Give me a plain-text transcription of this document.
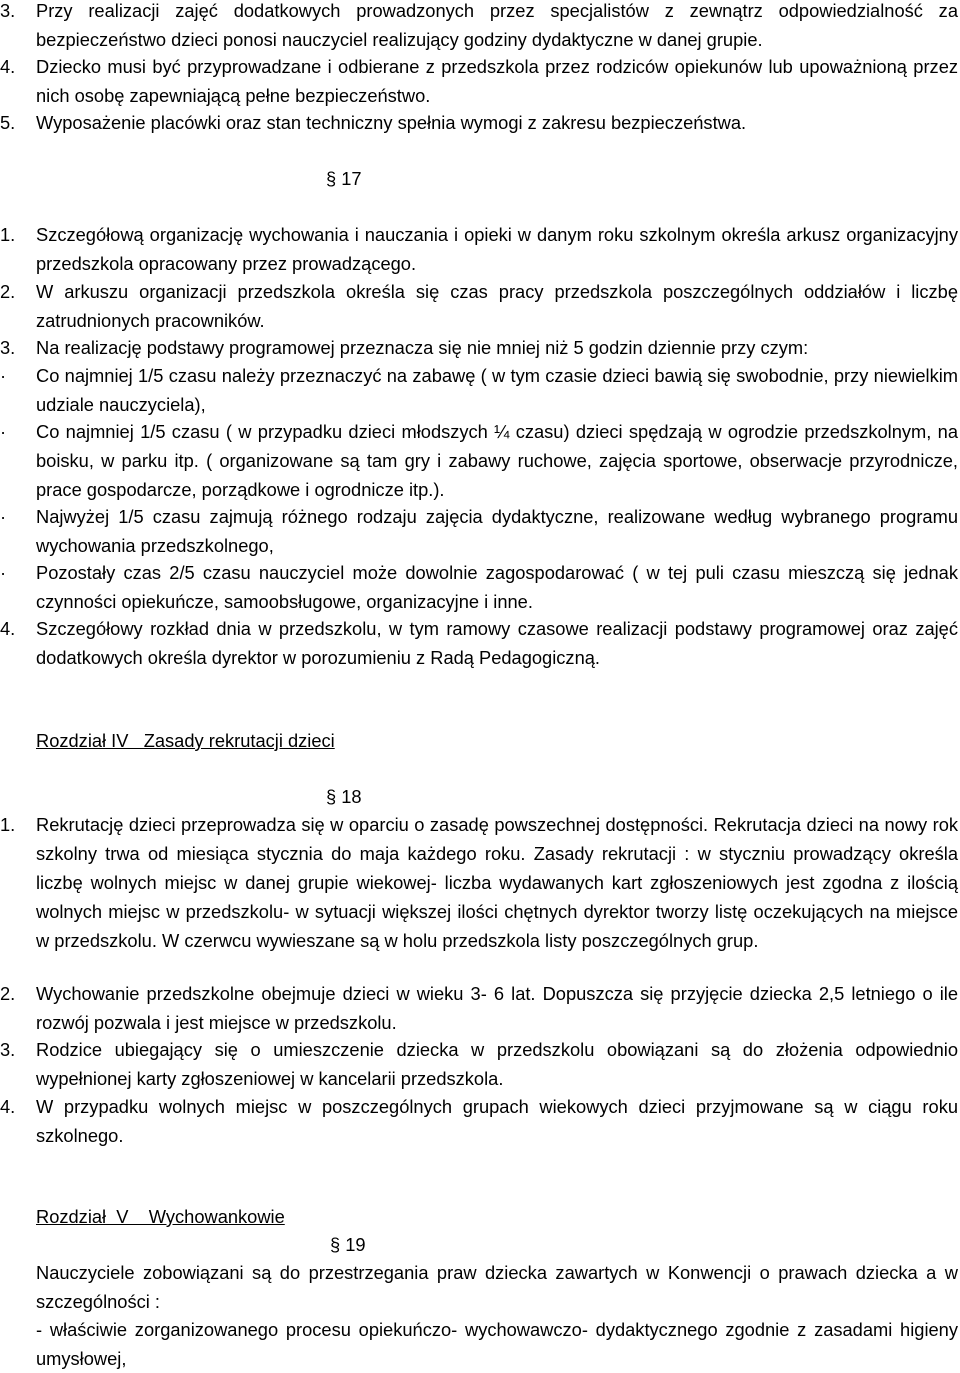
3.	Przy realizacji zajęć dodatkowych prowadzonych przez specjalistów z zewnątrz odpowiedzialność za bezpieczeństwo dzieci ponosi nauczyciel realizujący godziny dydaktyczne w danej grupie.
4.	Dziecko musi być przyprowadzane i odbierane z przedszkola przez rodziców opiekunów lub upoważnioną przez nich osobę zapewniającą pełne bezpieczeństwo.
5.	Wyposażenie placówki oraz stan techniczny spełnia wymogi z zakresu bezpieczeństwa.
§ 17
1.	Szczegółową organizację wychowania i nauczania i opieki w danym roku szkolnym określa arkusz organizacyjny przedszkola opracowany przez prowadzącego.
2.	W arkuszu organizacji przedszkola określa się czas pracy przedszkola poszczególnych oddziałów i liczbę zatrudnionych pracowników.
3.	Na realizację podstawy programowej przeznacza się nie mniej niż 5 godzin dziennie przy czym:
·	Co najmniej 1/5 czasu należy przeznaczyć na zabawę ( w tym czasie dzieci bawią się swobodnie, przy niewielkim udziale nauczyciela),
·	Co najmniej 1/5 czasu ( w przypadku dzieci młodszych ¼ czasu) dzieci spędzają w ogrodzie przedszkolnym, na boisku, w parku itp. ( organizowane są tam gry i zabawy ruchowe, zajęcia sportowe, obserwacje przyrodnicze, prace gospodarcze, porządkowe i ogrodnicze itp.).
·	Najwyżej 1/5 czasu zajmują różnego rodzaju zajęcia dydaktyczne, realizowane według wybranego programu wychowania przedszkolnego,
·	Pozostały czas 2/5 czasu nauczyciel może dowolnie zagospodarować ( w tej puli czasu mieszczą się jednak czynności opiekuńcze, samoobsługowe, organizacyjne i inne.
4.	Szczegółowy rozkład dnia w przedszkolu, w tym ramowy czasowe realizacji podstawy programowej oraz zajęć dodatkowych określa dyrektor w porozumieniu z Radą Pedagogiczną.
Rozdział IV   Zasady rekrutacji dzieci
§ 18
1.	Rekrutację dzieci przeprowadza się w oparciu o zasadę powszechnej dostępności. Rekrutacja dzieci na nowy rok szkolny trwa od miesiąca stycznia do maja każdego roku. Zasady rekrutacji : w styczniu prowadzący określa liczbę wolnych miejsc w danej grupie wiekowej- liczba wydawanych kart zgłoszeniowych jest zgodna z ilością wolnych miejsc w przedszkolu- w sytuacji większej ilości chętnych dyrektor tworzy listę oczekujących na miejsce w przedszkolu. W czerwcu wywieszane są w holu przedszkola listy poszczególnych grup.
2.	Wychowanie przedszkolne obejmuje dzieci w wieku 3- 6 lat. Dopuszcza się przyjęcie dziecka 2,5 letniego o ile rozwój pozwala i jest miejsce w przedszkolu.
3.	Rodzice ubiegający się o umieszczenie dziecka w przedszkolu obowiązani są do złożenia odpowiednio wypełnionej karty zgłoszeniowej w kancelarii przedszkola.
4.	W przypadku wolnych miejsc w poszczególnych grupach wiekowych dzieci przyjmowane są w ciągu roku szkolnego.
Rozdział  V    Wychowankowie
§ 19
Nauczyciele zobowiązani są do przestrzegania praw dziecka zawartych w Konwencji o prawach dziecka a w szczególności :
- właściwie zorganizowanego procesu opiekuńczo- wychowawczo- dydaktycznego zgodnie z zasadami higieny umysłowej,
